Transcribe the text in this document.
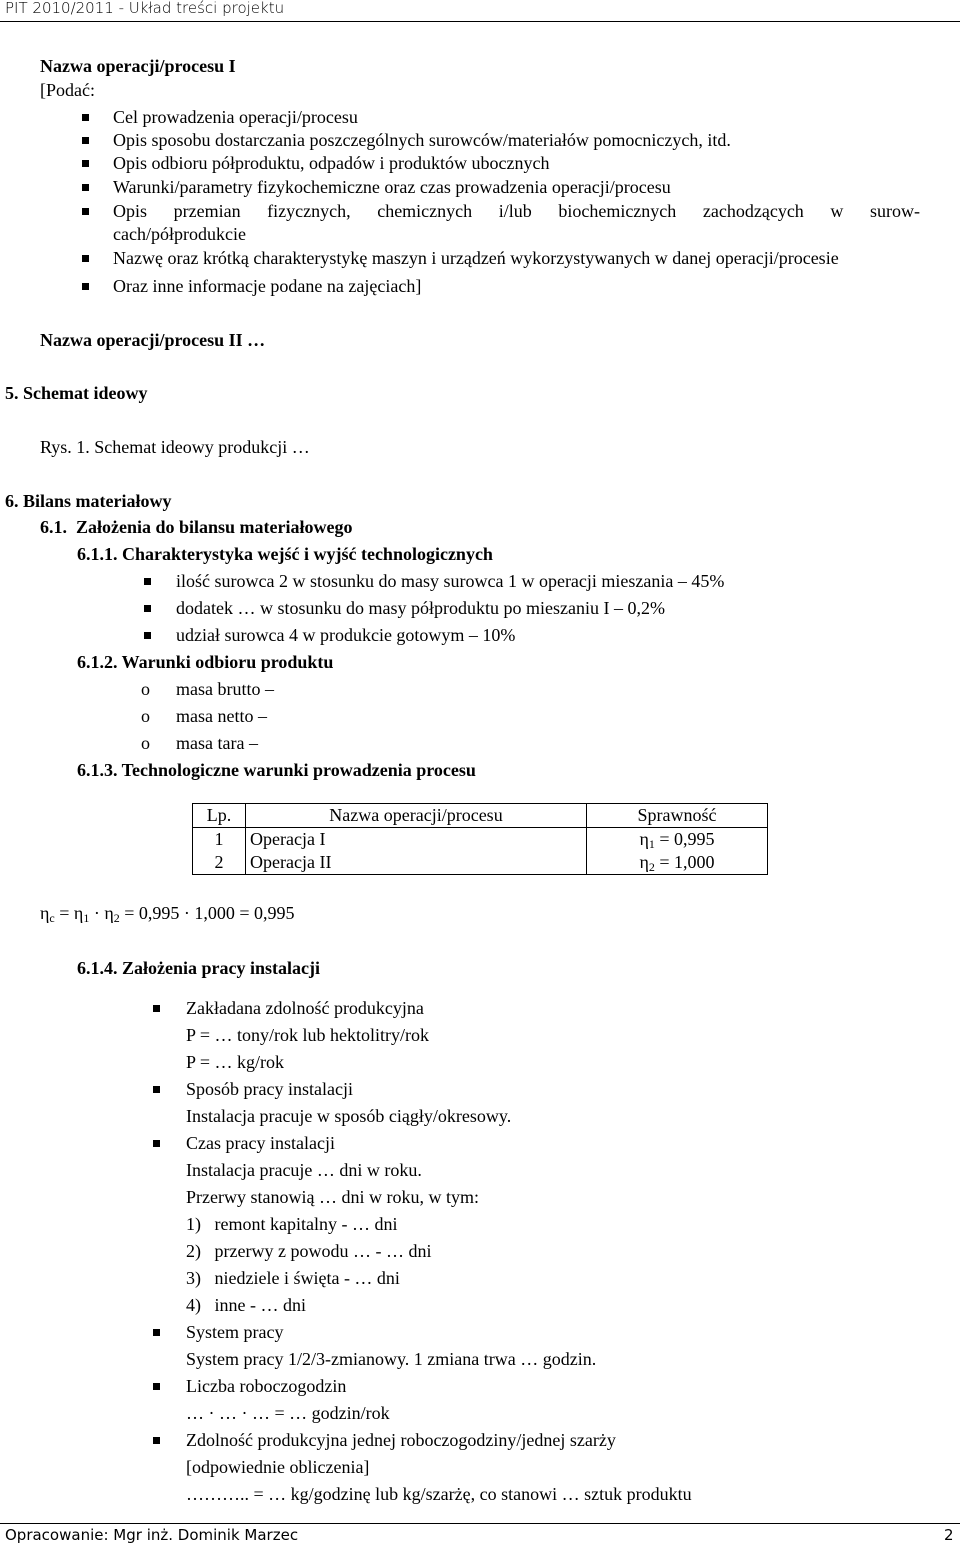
PIT 2010/2011 - Układ treści projektu
Nazwa operacji/procesu I
[Podać:
Cel prowadzenia operacji/procesu
Opis sposobu dostarczania poszczególnych surowców/materiałów pomocniczych, itd.
Opis odbioru półproduktu, odpadów i produktów ubocznych
Warunki/parametry fizykochemiczne oraz czas prowadzenia operacji/procesu
Opis przemian fizycznych, chemicznych i/lub biochemicznych zachodzących w surow-
cach/półprodukcie
Nazwę oraz krótką charakterystykę maszyn i urządzeń wykorzystywanych w danej operacji/procesie
Oraz inne informacje podane na zajęciach]
Nazwa operacji/procesu II …
5. Schemat ideowy
Rys. 1. Schemat ideowy produkcji …
6. Bilans materiałowy
6.1.  Założenia do bilansu materiałowego
6.1.1. Charakterystyka wejść i wyjść technologicznych
ilość surowca 2 w stosunku do masy surowca 1 w operacji mieszania – 45%
dodatek … w stosunku do masy półproduktu po mieszaniu I – 0,2%
udział surowca 4 w produkcie gotowym – 10%
6.1.2. Warunki odbioru produktu
o masa brutto –
o masa netto –
o masa tara –
6.1.3. Technologiczne warunki prowadzenia procesu
Lp.	Nazwa operacji/procesu	Sprawność
1	Operacja I	$\eta_1 = 0,995$
2	Operacja II	$\eta_2 = 1,000$
$\eta_c = \eta_1 \cdot \eta_2 = 0,995 \cdot 1,000 = 0,995$
6.1.4. Założenia pracy instalacji
Zakładana zdolność produkcyjna
P = … tony/rok lub hektolitry/rok
P = … kg/rok
Sposób pracy instalacji
Instalacja pracuje w sposób ciągły/okresowy.
Czas pracy instalacji
Instalacja pracuje … dni w roku.
Przerwy stanowią … dni w roku, w tym:
1)   remont kapitalny - … dni
2)   przerwy z powodu … - … dni
3)   niedziele i święta - … dni
4)   inne - … dni
System pracy
System pracy 1/2/3-zmianowy. 1 zmiana trwa … godzin.
Liczba roboczogodzin
… · … · … = … godzin/rok
Zdolność produkcyjna jednej roboczogodziny/jednej szarży
[odpowiednie obliczenia]
……….. = … kg/godzinę lub kg/szarżę, co stanowi … sztuk produktu
Opracowanie: Mgr inż. Dominik Marzec	2
